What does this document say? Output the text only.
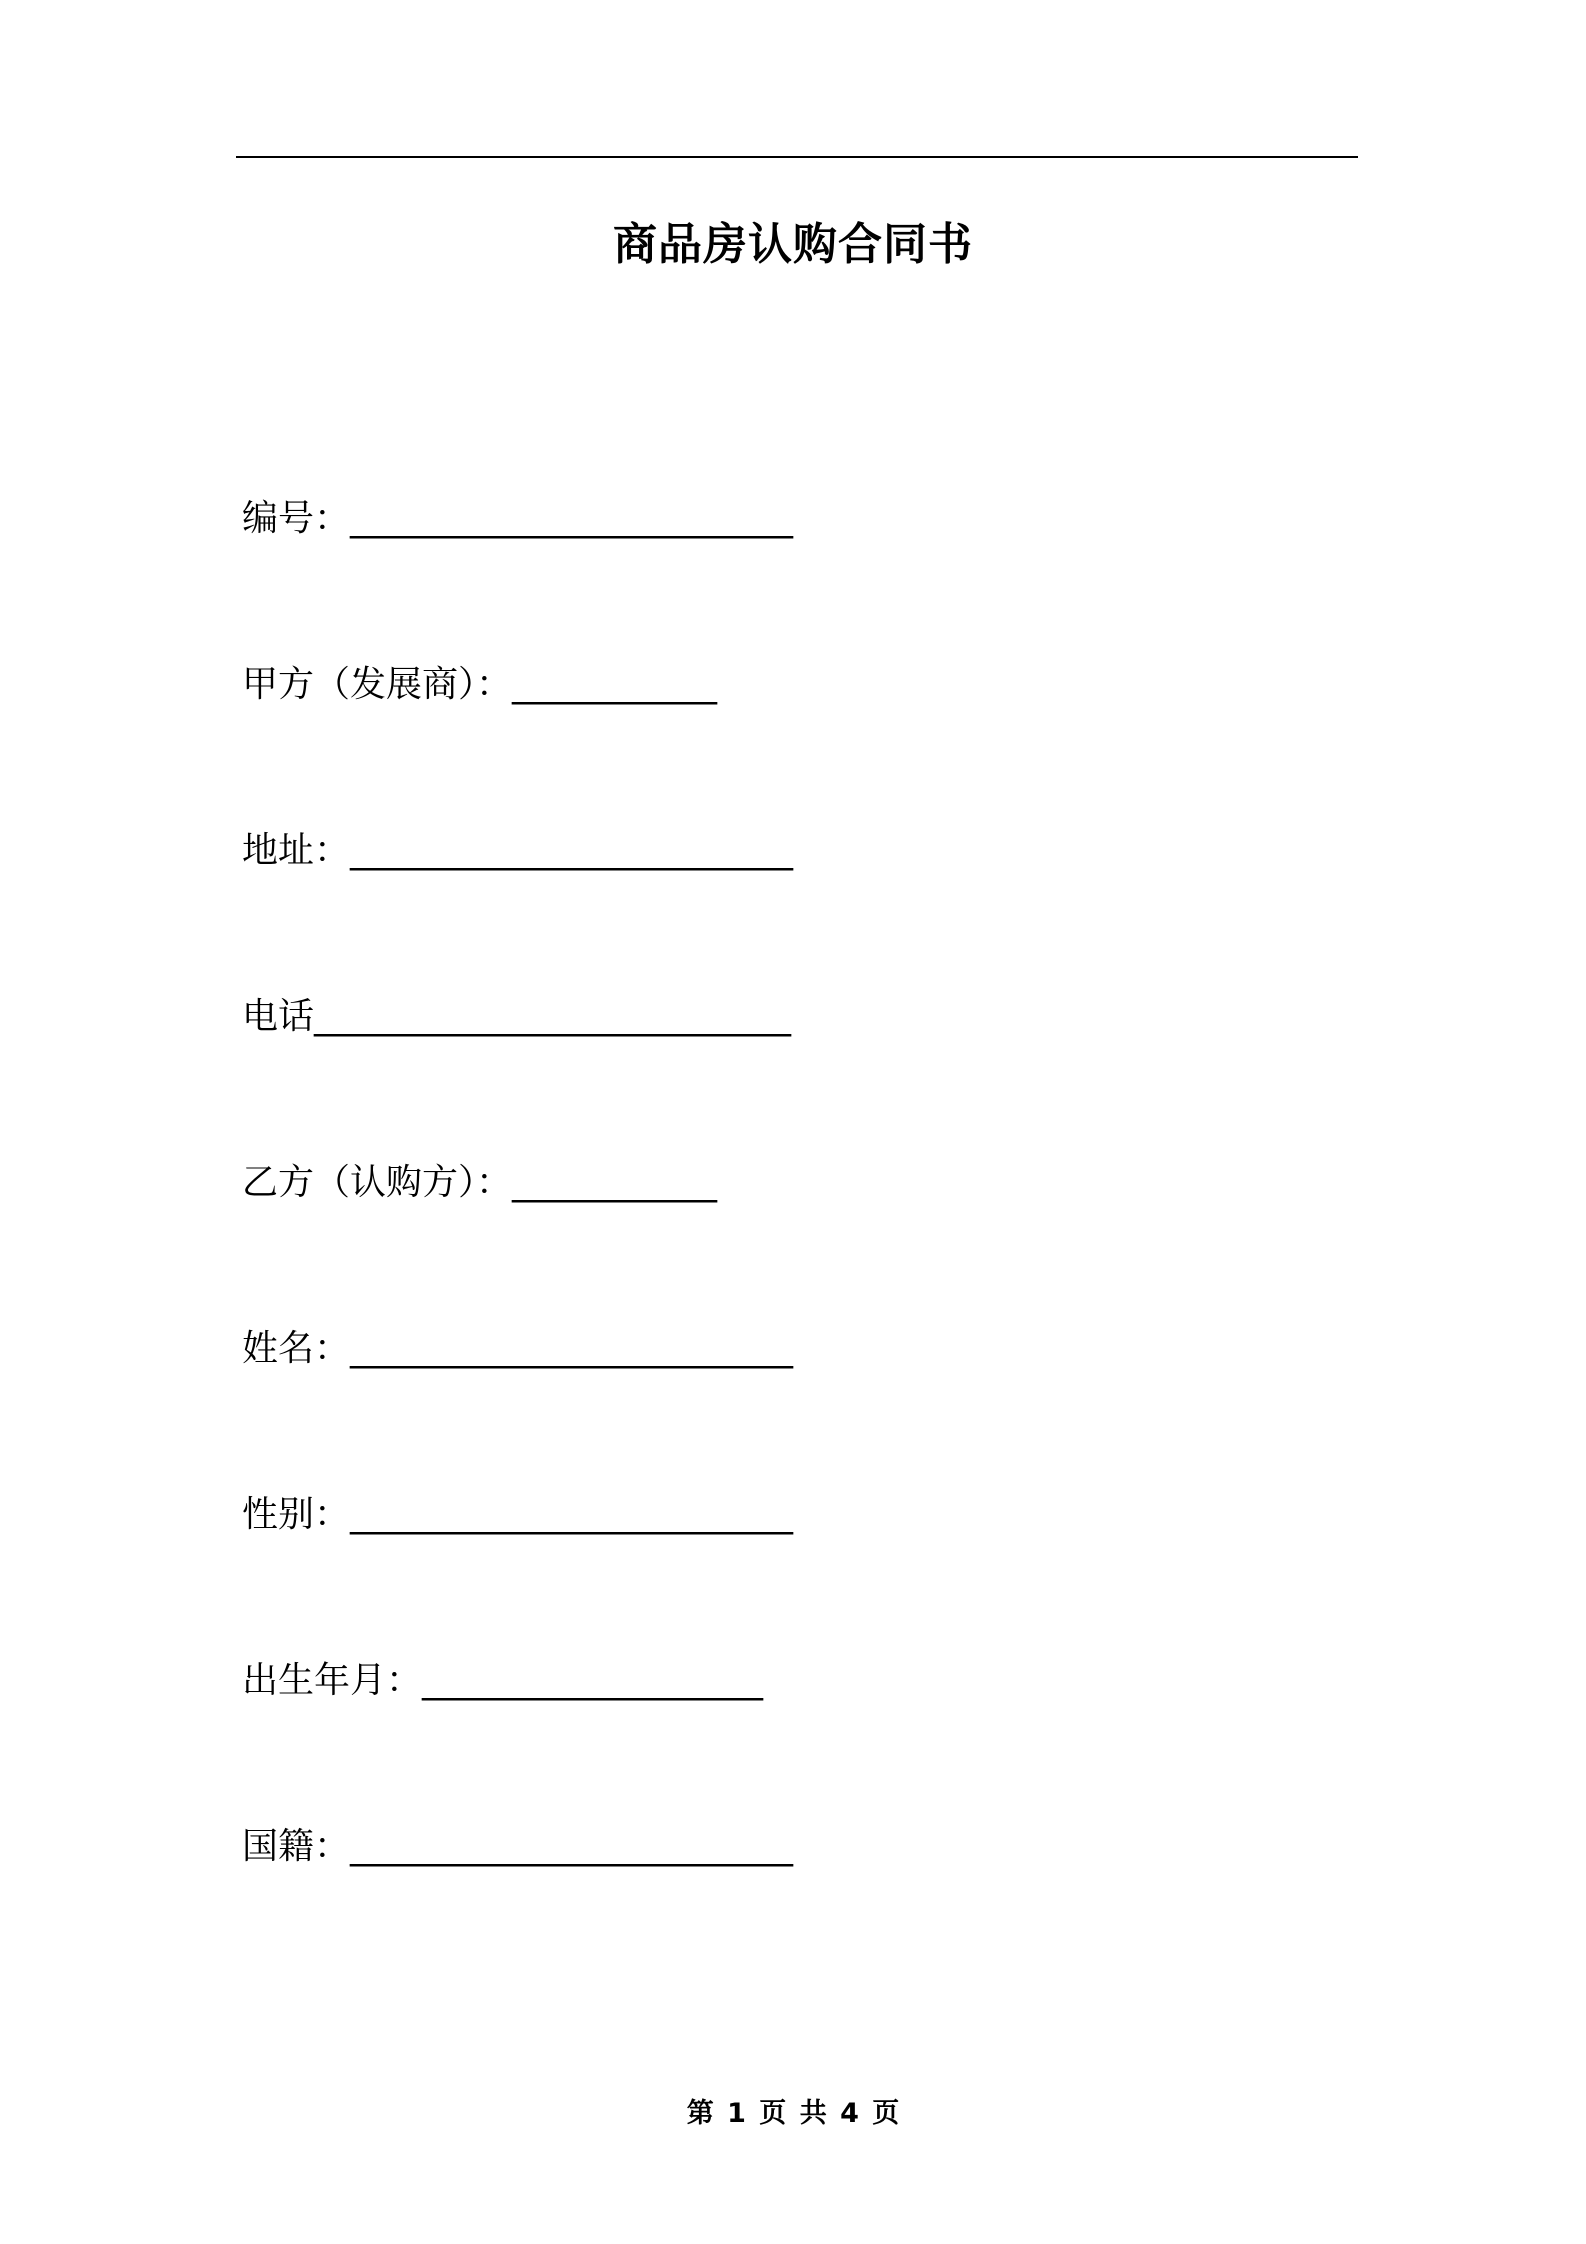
商品房认购合同书
编号：__________________________
甲方（发展商）：____________
地址：__________________________
电话____________________________
乙方（认购方）：____________
姓名：__________________________
性别：__________________________
出生年月：____________________
国籍：__________________________
第 1 页 共 4 页
